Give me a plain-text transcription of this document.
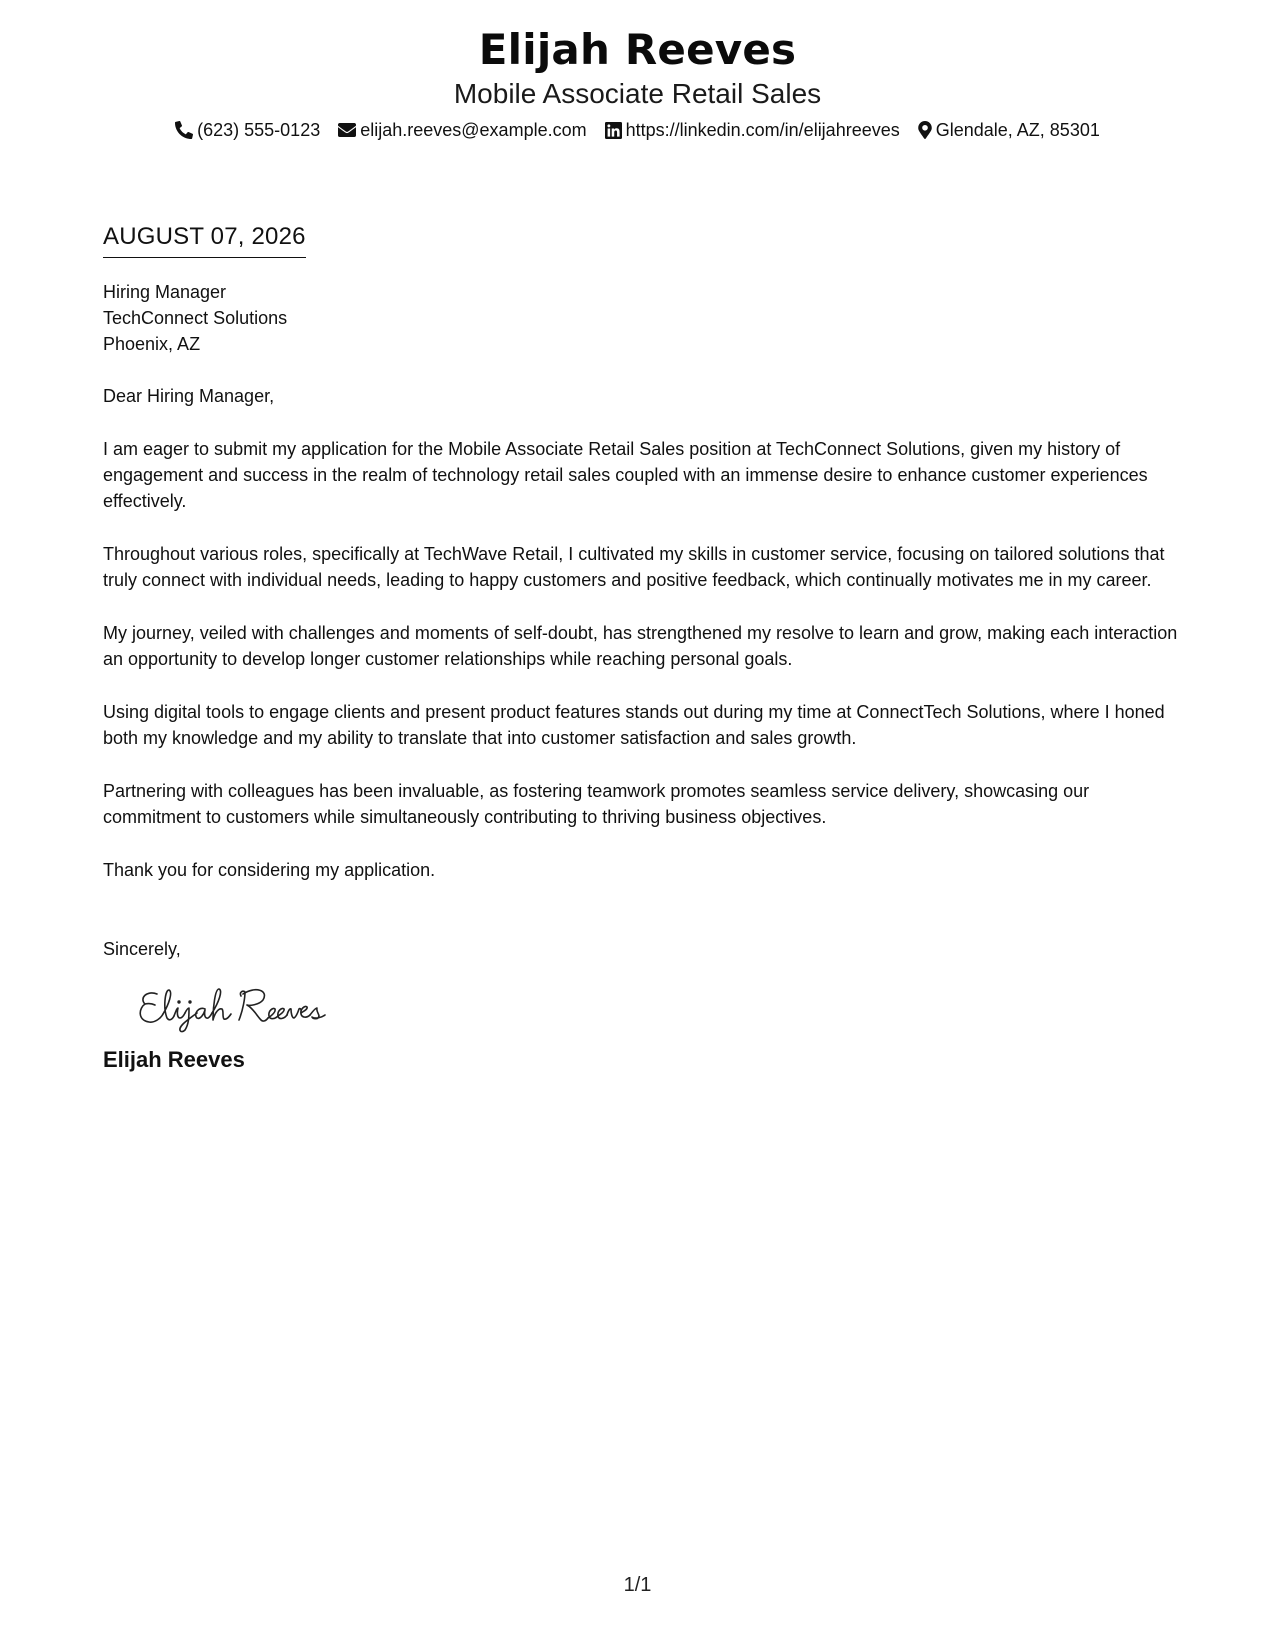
Elijah Reeves
Mobile Associate Retail Sales
(623) 555-0123 elijah.reeves@example.com https://linkedin.com/in/elijahreeves Glendale, AZ, 85301
AUGUST 07, 2026
Hiring Manager
TechConnect Solutions
Phoenix, AZ
Dear Hiring Manager,
I am eager to submit my application for the Mobile Associate Retail Sales position at TechConnect Solutions, given my history of engagement and success in the realm of technology retail sales coupled with an immense desire to enhance customer experiences effectively.
Throughout various roles, specifically at TechWave Retail, I cultivated my skills in customer service, focusing on tailored solutions that truly connect with individual needs, leading to happy customers and positive feedback, which continually motivates me in my career.
My journey, veiled with challenges and moments of self-doubt, has strengthened my resolve to learn and grow, making each interaction an opportunity to develop longer customer relationships while reaching personal goals.
Using digital tools to engage clients and present product features stands out during my time at ConnectTech Solutions, where I honed both my knowledge and my ability to translate that into customer satisfaction and sales growth.
Partnering with colleagues has been invaluable, as fostering teamwork promotes seamless service delivery, showcasing our commitment to customers while simultaneously contributing to thriving business objectives.
Thank you for considering my application.
Sincerely,
Elijah Reeves
1/1
